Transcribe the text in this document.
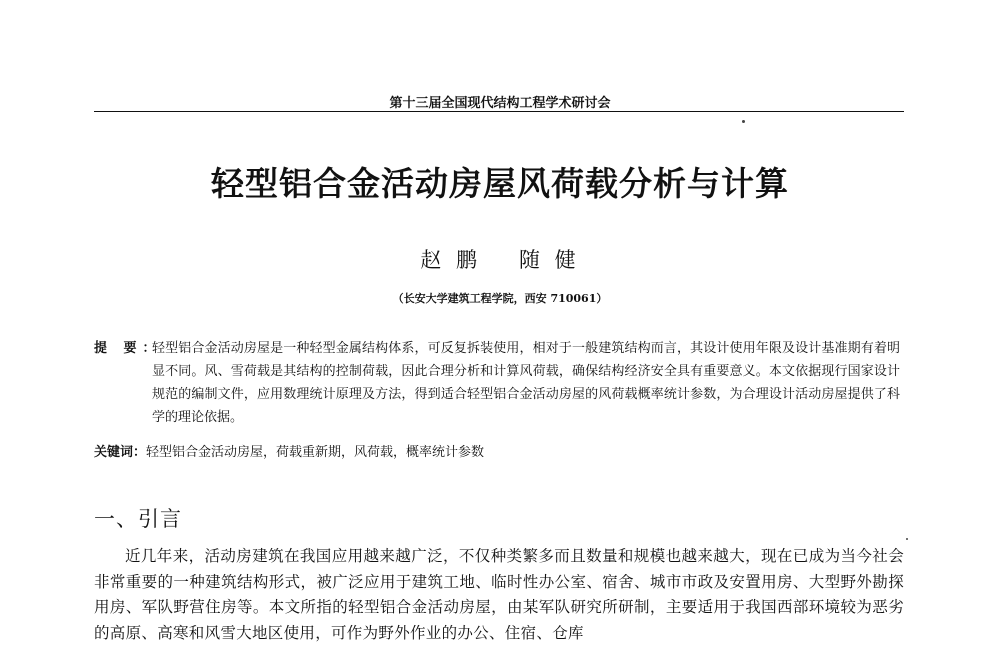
第十三届全国现代结构工程学术研讨会
轻型铝合金活动房屋风荷载分析与计算
赵 鹏 随 健
（长安大学建筑工程学院，西安 710061）
提 要：
轻型铝合金活动房屋是一种轻型金属结构体系，可反复拆装使用，相对于一般建筑结构而言，其设计使用年限及设计基准期有着明显不同。风、雪荷载是其结构的控制荷载，因此合理分析和计算风荷载，确保结构经济安全具有重要意义。本文依据现行国家设计规范的编制文件，应用数理统计原理及方法，得到适合轻型铝合金活动房屋的风荷载概率统计参数，为合理设计活动房屋提供了科学的理论依据。
关键词：轻型铝合金活动房屋，荷载重新期，风荷载，概率统计参数
一、引言
近几年来，活动房建筑在我国应用越来越广泛，不仅种类繁多而且数量和规模也越来越大，现在已成为当今社会非常重要的一种建筑结构形式，被广泛应用于建筑工地、临时性办公室、宿舍、城市市政及安置用房、大型野外勘探用房、军队野营住房等。本文所指的轻型铝合金活动房屋，由某军队研究所研制，主要适用于我国西部环境较为恶劣的高原、高寒和风雪大地区使用，可作为野外作业的办公、住宿、仓库
